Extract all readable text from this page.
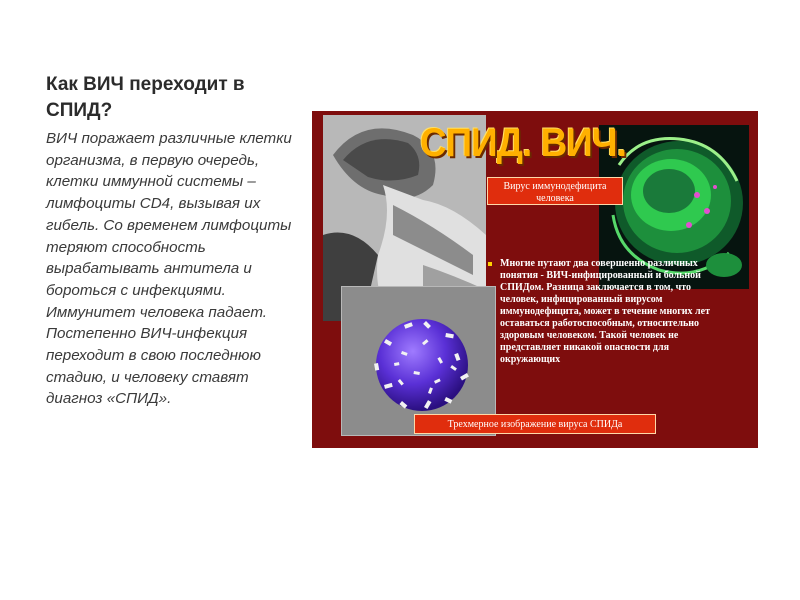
Как ВИЧ переходит в СПИД?

ВИЧ поражает различные клетки организма, в первую очередь, клетки иммунной системы – лимфоциты CD4, вызывая их гибель. Со временем лимфоциты теряют способность вырабатывать антитела и бороться с инфекциями. Иммунитет человека падает. Постепенно ВИЧ-инфекция переходит в свою последнюю стадию, и человеку ставят диагноз «СПИД».

СПИД. ВИЧ.
Вирус иммунодефицита человека
Многие путают два совершенно различных понятия - ВИЧ-инфицированный и больной СПИДом. Разница заключается в том, что человек, инфицированный вирусом иммунодефицита, может в течение многих лет оставаться работоспособным, относительно здоровым человеком. Такой человек не представляет никакой опасности для окружающих
Трехмерное изображение вируса СПИДа
